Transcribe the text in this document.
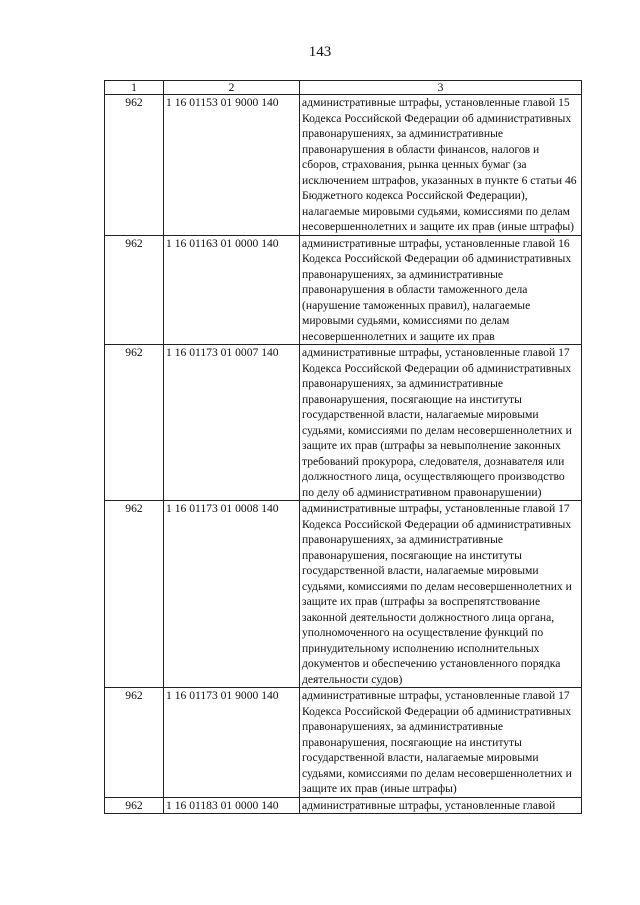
143
1	2	3
962	1 16 01153 01 9000 140	административные штрафы, установленные главой 15 Кодекса Российской Федерации об административных правонарушениях, за административные правонарушения в области финансов, налогов и сборов, страхования, рынка ценных бумаг (за исключением штрафов, указанных в пункте 6 статьи 46 Бюджетного кодекса Российской Федерации), налагаемые мировыми судьями, комиссиями по делам несовершеннолетних и защите их прав (иные штрафы)

962	1 16 01163 01 0000 140	административные штрафы, установленные главой 16 Кодекса Российской Федерации об административных правонарушениях, за административные правонарушения в области таможенного дела (нарушение таможенных правил), налагаемые мировыми судьями, комиссиями по делам несовершеннолетних и защите их прав

962	1 16 01173 01 0007 140	административные штрафы, установленные главой 17 Кодекса Российской Федерации об административных правонарушениях, за административные правонарушения, посягающие на институты государственной власти, налагаемые мировыми судьями, комиссиями по делам несовершеннолетних и защите их прав (штрафы за невыполнение законных требований прокурора, следователя, дознавателя или должностного лица, осуществляющего производство по делу об административном правонарушении)

962	1 16 01173 01 0008 140	административные штрафы, установленные главой 17 Кодекса Российской Федерации об административных правонарушениях, за административные правонарушения, посягающие на институты государственной власти, налагаемые мировыми судьями, комиссиями по делам несовершеннолетних и защите их прав (штрафы за воспрепятствование законной деятельности должностного лица органа, уполномоченного на осуществление функций по принудительному исполнению исполнительных документов и обеспечению установленного порядка деятельности судов)

962	1 16 01173 01 9000 140	административные штрафы, установленные главой 17 Кодекса Российской Федерации об административных правонарушениях, за административные правонарушения, посягающие на институты государственной власти, налагаемые мировыми судьями, комиссиями по делам несовершеннолетних и защите их прав (иные штрафы)

962	1 16 01183 01 0000 140	административные штрафы, установленные главой
